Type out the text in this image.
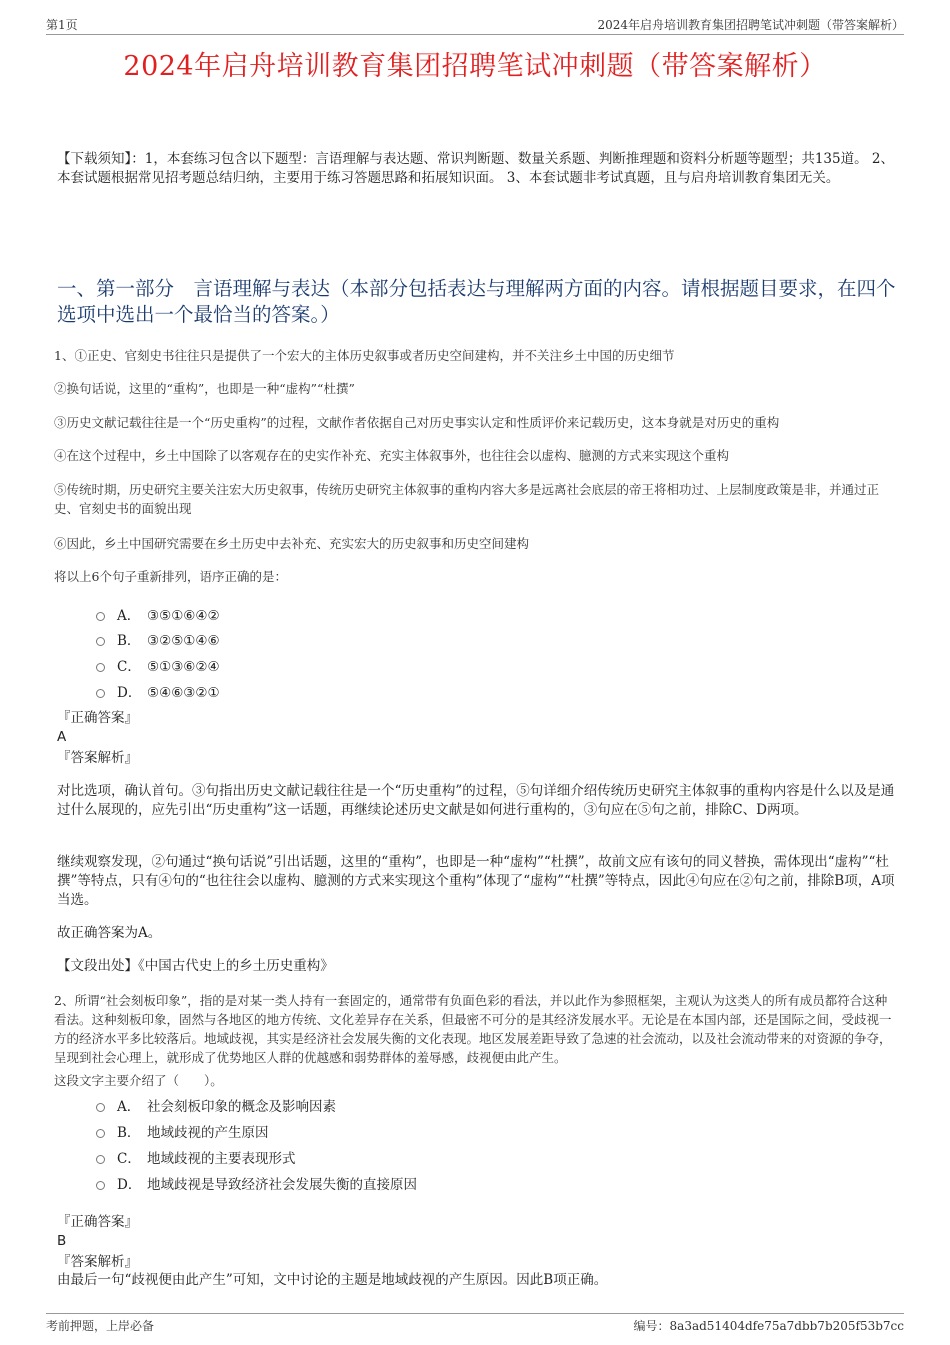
第1页	2024年启舟培训教育集团招聘笔试冲刺题（带答案解析）
2024年启舟培训教育集团招聘笔试冲刺题（带答案解析）
【下载须知】：1，本套练习包含以下题型：言语理解与表达题、常识判断题、数量关系题、判断推理题和资料分析题等题型；共135道。 2、本套试题根据常见招考题总结归纳，主要用于练习答题思路和拓展知识面。 3、本套试题非考试真题，且与启舟培训教育集团无关。
一、第一部分　言语理解与表达（本部分包括表达与理解两方面的内容。请根据题目要求，在四个选项中选出一个最恰当的答案。）
1、①正史、官刻史书往往只是提供了一个宏大的主体历史叙事或者历史空间建构，并不关注乡土中国的历史细节
②换句话说，这里的“重构”，也即是一种“虚构”“杜撰”
③历史文献记载往往是一个“历史重构”的过程，文献作者依据自己对历史事实认定和性质评价来记载历史，这本身就是对历史的重构
④在这个过程中，乡土中国除了以客观存在的史实作补充、充实主体叙事外，也往往会以虚构、臆测的方式来实现这个重构
⑤传统时期，历史研究主要关注宏大历史叙事，传统历史研究主体叙事的重构内容大多是远离社会底层的帝王将相功过、上层制度政策是非，并通过正史、官刻史书的面貌出现
⑥因此，乡土中国研究需要在乡土历史中去补充、充实宏大的历史叙事和历史空间建构
将以上6个句子重新排列，语序正确的是：
A． ③⑤①⑥④②
B． ③②⑤①④⑥
C． ⑤①③⑥②④
D． ⑤④⑥③②①
『正确答案』
A
『答案解析』
对比选项，确认首句。③句指出历史文献记载往往是一个“历史重构”的过程，⑤句详细介绍传统历史研究主体叙事的重构内容是什么以及是通过什么展现的，应先引出“历史重构”这一话题，再继续论述历史文献是如何进行重构的，③句应在⑤句之前，排除C、D两项。
继续观察发现，②句通过“换句话说”引出话题，这里的“重构”，也即是一种“虚构”“杜撰”，故前文应有该句的同义替换，需体现出“虚构”“杜撰”等特点，只有④句的“也往往会以虚构、臆测的方式来实现这个重构”体现了“虚构”“杜撰”等特点，因此④句应在②句之前，排除B项，A项当选。
故正确答案为A。
【文段出处】《中国古代史上的乡土历史重构》
2、所谓“社会刻板印象”，指的是对某一类人持有一套固定的，通常带有负面色彩的看法，并以此作为参照框架，主观认为这类人的所有成员都符合这种看法。这种刻板印象，固然与各地区的地方传统、文化差异存在关系，但最密不可分的是其经济发展水平。无论是在本国内部，还是国际之间，受歧视一方的经济水平多比较落后。地域歧视，其实是经济社会发展失衡的文化表现。地区发展差距导致了急速的社会流动，以及社会流动带来的对资源的争夺，呈现到社会心理上，就形成了优势地区人群的优越感和弱势群体的羞辱感，歧视便由此产生。
这段文字主要介绍了（　　）。
A． 社会刻板印象的概念及影响因素
B． 地域歧视的产生原因
C． 地域歧视的主要表现形式
D． 地域歧视是导致经济社会发展失衡的直接原因
『正确答案』
B
『答案解析』
由最后一句“歧视便由此产生”可知，文中讨论的主题是地域歧视的产生原因。因此B项正确。
考前押题，上岸必备	编号：8a3ad51404dfe75a7dbb7b205f53b7cc
